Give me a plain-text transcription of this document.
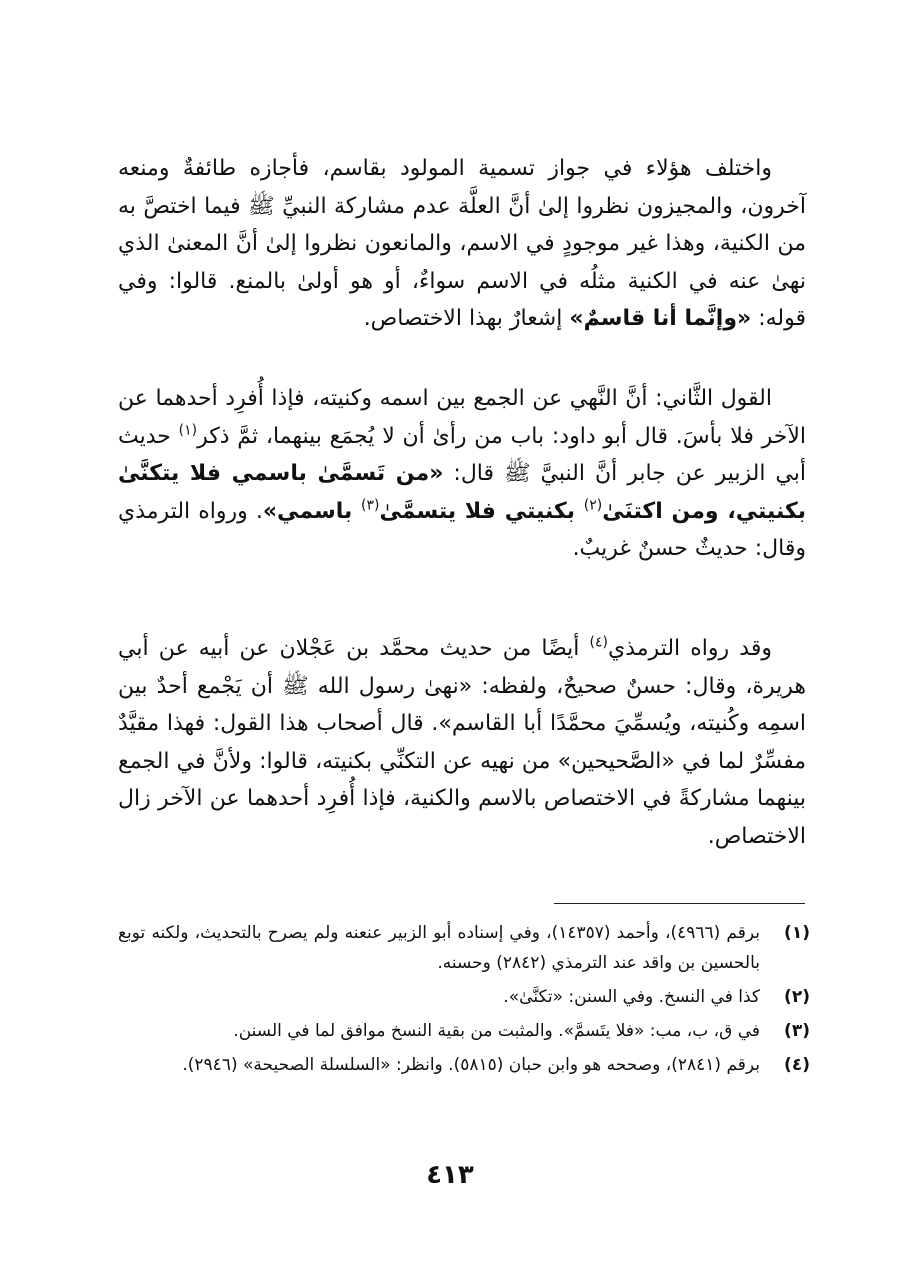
واختلف هؤلاء في جواز تسمية المولود بقاسم، فأجازه طائفةٌ ومنعه آخرون، والمجيزون نظروا إلىٰ أنَّ العلَّة عدم مشاركة النبيِّ ﷺ فيما اختصَّ به من الكنية، وهذا غير موجودٍ في الاسم، والمانعون نظروا إلىٰ أنَّ المعنىٰ الذي نهىٰ عنه في الكنية مثلُه في الاسم سواءٌ، أو هو أولىٰ بالمنع. قالوا: وفي قوله: «وإنَّما أنا قاسمٌ» إشعارٌ بهذا الاختصاص.

القول الثَّاني: أنَّ النَّهي عن الجمع بين اسمه وكنيته، فإذا أُفرِد أحدهما عن الآخر فلا بأسَ. قال أبو داود: باب من رأىٰ أن لا يُجمَع بينهما، ثمَّ ذكر$^{(١)}$ حديث أبي الزبير عن جابر أنَّ النبيَّ ﷺ قال: «من تَسمَّىٰ باسمي فلا يتكنَّىٰ بكنيتي، ومن اكتنَىٰ$^{(٢)}$ بكنيتي فلا يتسمَّىٰ$^{(٣)}$ باسمي». ورواه الترمذي وقال: حديثٌ حسنٌ غريبٌ.

وقد رواه الترمذي$^{(٤)}$ أيضًا من حديث محمَّد بن عَجْلان عن أبيه عن أبي هريرة، وقال: حسنٌ صحيحٌ، ولفظه: «نهىٰ رسول الله ﷺ أن يَجْمع أحدٌ بين اسمِه وكُنيته، ويُسمِّيَ محمَّدًا أبا القاسم». قال أصحاب هذا القول: فهذا مقيَّدٌ مفسِّرٌ لما في «الصَّحيحين» من نهيه عن التكنِّي بكنيته، قالوا: ولأنَّ في الجمع بينهما مشاركةً في الاختصاص بالاسم والكنية، فإذا أُفرِد أحدهما عن الآخر زال الاختصاص.

(١)
برقم (٤٩٦٦)، وأحمد (١٤٣٥٧)، وفي إسناده أبو الزبير عنعنه ولم يصرح بالتحديث، ولكنه توبع بالحسين بن واقد عند الترمذي (٢٨٤٢) وحسنه.

(٢)
كذا في النسخ. وفي السنن: «تكنَّىٰ».

(٣)
في ق، ب، مب: «فلا يتَسمَّ». والمثبت من بقية النسخ موافق لما في السنن.

(٤)
برقم (٢٨٤١)، وصححه هو وابن حبان (٥٨١٥). وانظر: «السلسلة الصحيحة» (٢٩٤٦).

٤١٣
